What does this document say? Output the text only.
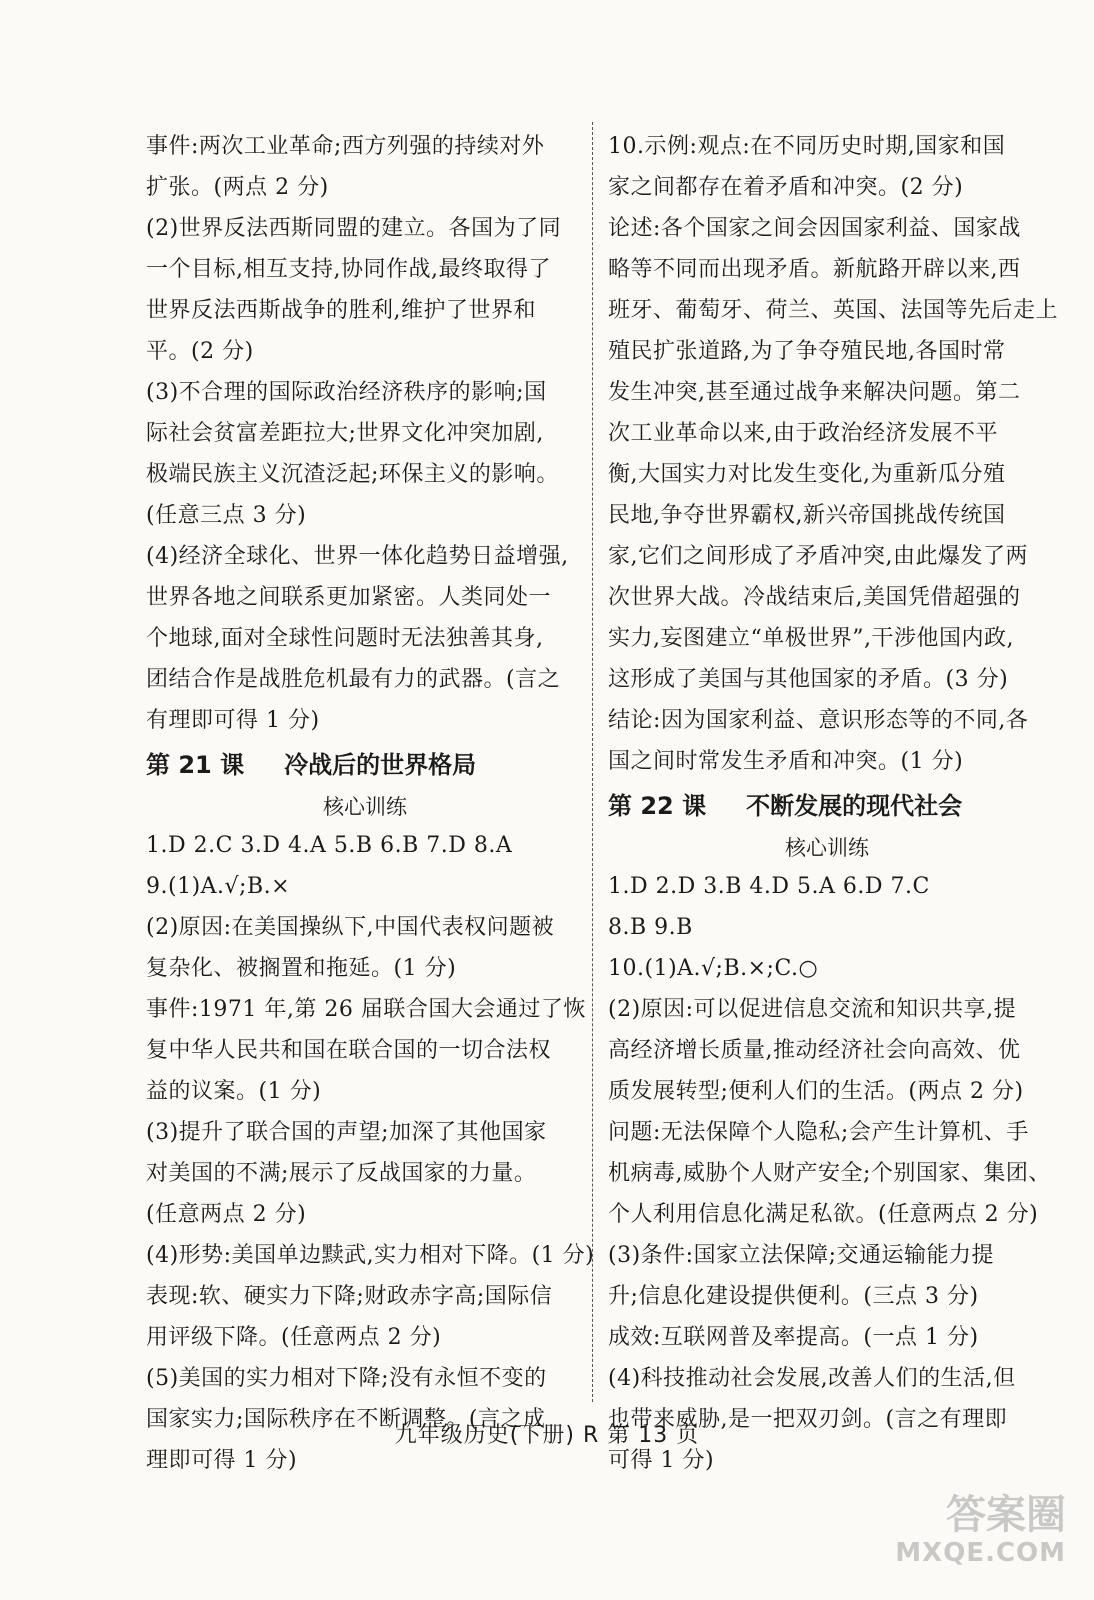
事件:两次工业革命;西方列强的持续对外
扩张。(两点 2 分)
(2)世界反法西斯同盟的建立。各国为了同
一个目标,相互支持,协同作战,最终取得了
世界反法西斯战争的胜利,维护了世界和
平。(2 分)
(3)不合理的国际政治经济秩序的影响;国
际社会贫富差距拉大;世界文化冲突加剧,
极端民族主义沉渣泛起;环保主义的影响。
(任意三点 3 分)
(4)经济全球化、世界一体化趋势日益增强,
世界各地之间联系更加紧密。人类同处一
个地球,面对全球性问题时无法独善其身,
团结合作是战胜危机最有力的武器。(言之
有理即可得 1 分)
第 21 课 冷战后的世界格局
核心训练
1.D 2.C 3.D 4.A 5.B 6.B 7.D 8.A
9.(1)A.√;B.×
(2)原因:在美国操纵下,中国代表权问题被
复杂化、被搁置和拖延。(1 分)
事件:1971 年,第 26 届联合国大会通过了恢
复中华人民共和国在联合国的一切合法权
益的议案。(1 分)
(3)提升了联合国的声望;加深了其他国家
对美国的不满;展示了反战国家的力量。
(任意两点 2 分)
(4)形势:美国单边黩武,实力相对下降。(1 分)
表现:软、硬实力下降;财政赤字高;国际信
用评级下降。(任意两点 2 分)
(5)美国的实力相对下降;没有永恒不变的
国家实力;国际秩序在不断调整。(言之成
理即可得 1 分)
10.示例:观点:在不同历史时期,国家和国
家之间都存在着矛盾和冲突。(2 分)
论述:各个国家之间会因国家利益、国家战
略等不同而出现矛盾。新航路开辟以来,西
班牙、葡萄牙、荷兰、英国、法国等先后走上
殖民扩张道路,为了争夺殖民地,各国时常
发生冲突,甚至通过战争来解决问题。第二
次工业革命以来,由于政治经济发展不平
衡,大国实力对比发生变化,为重新瓜分殖
民地,争夺世界霸权,新兴帝国挑战传统国
家,它们之间形成了矛盾冲突,由此爆发了两
次世界大战。冷战结束后,美国凭借超强的
实力,妄图建立“单极世界”,干涉他国内政,
这形成了美国与其他国家的矛盾。(3 分)
结论:因为国家利益、意识形态等的不同,各
国之间时常发生矛盾和冲突。(1 分)
第 22 课 不断发展的现代社会
核心训练
1.D 2.D 3.B 4.D 5.A 6.D 7.C
8.B 9.B
10.(1)A.√;B.×;C.○
(2)原因:可以促进信息交流和知识共享,提
高经济增长质量,推动经济社会向高效、优
质发展转型;便利人们的生活。(两点 2 分)
问题:无法保障个人隐私;会产生计算机、手
机病毒,威胁个人财产安全;个别国家、集团、
个人利用信息化满足私欲。(任意两点 2 分)
(3)条件:国家立法保障;交通运输能力提
升;信息化建设提供便利。(三点 3 分)
成效:互联网普及率提高。(一点 1 分)
(4)科技推动社会发展,改善人们的生活,但
也带来威胁,是一把双刃剑。(言之有理即
可得 1 分)
九年级历史(下册) R 第 13 页
答案圈
MXQE.COM
